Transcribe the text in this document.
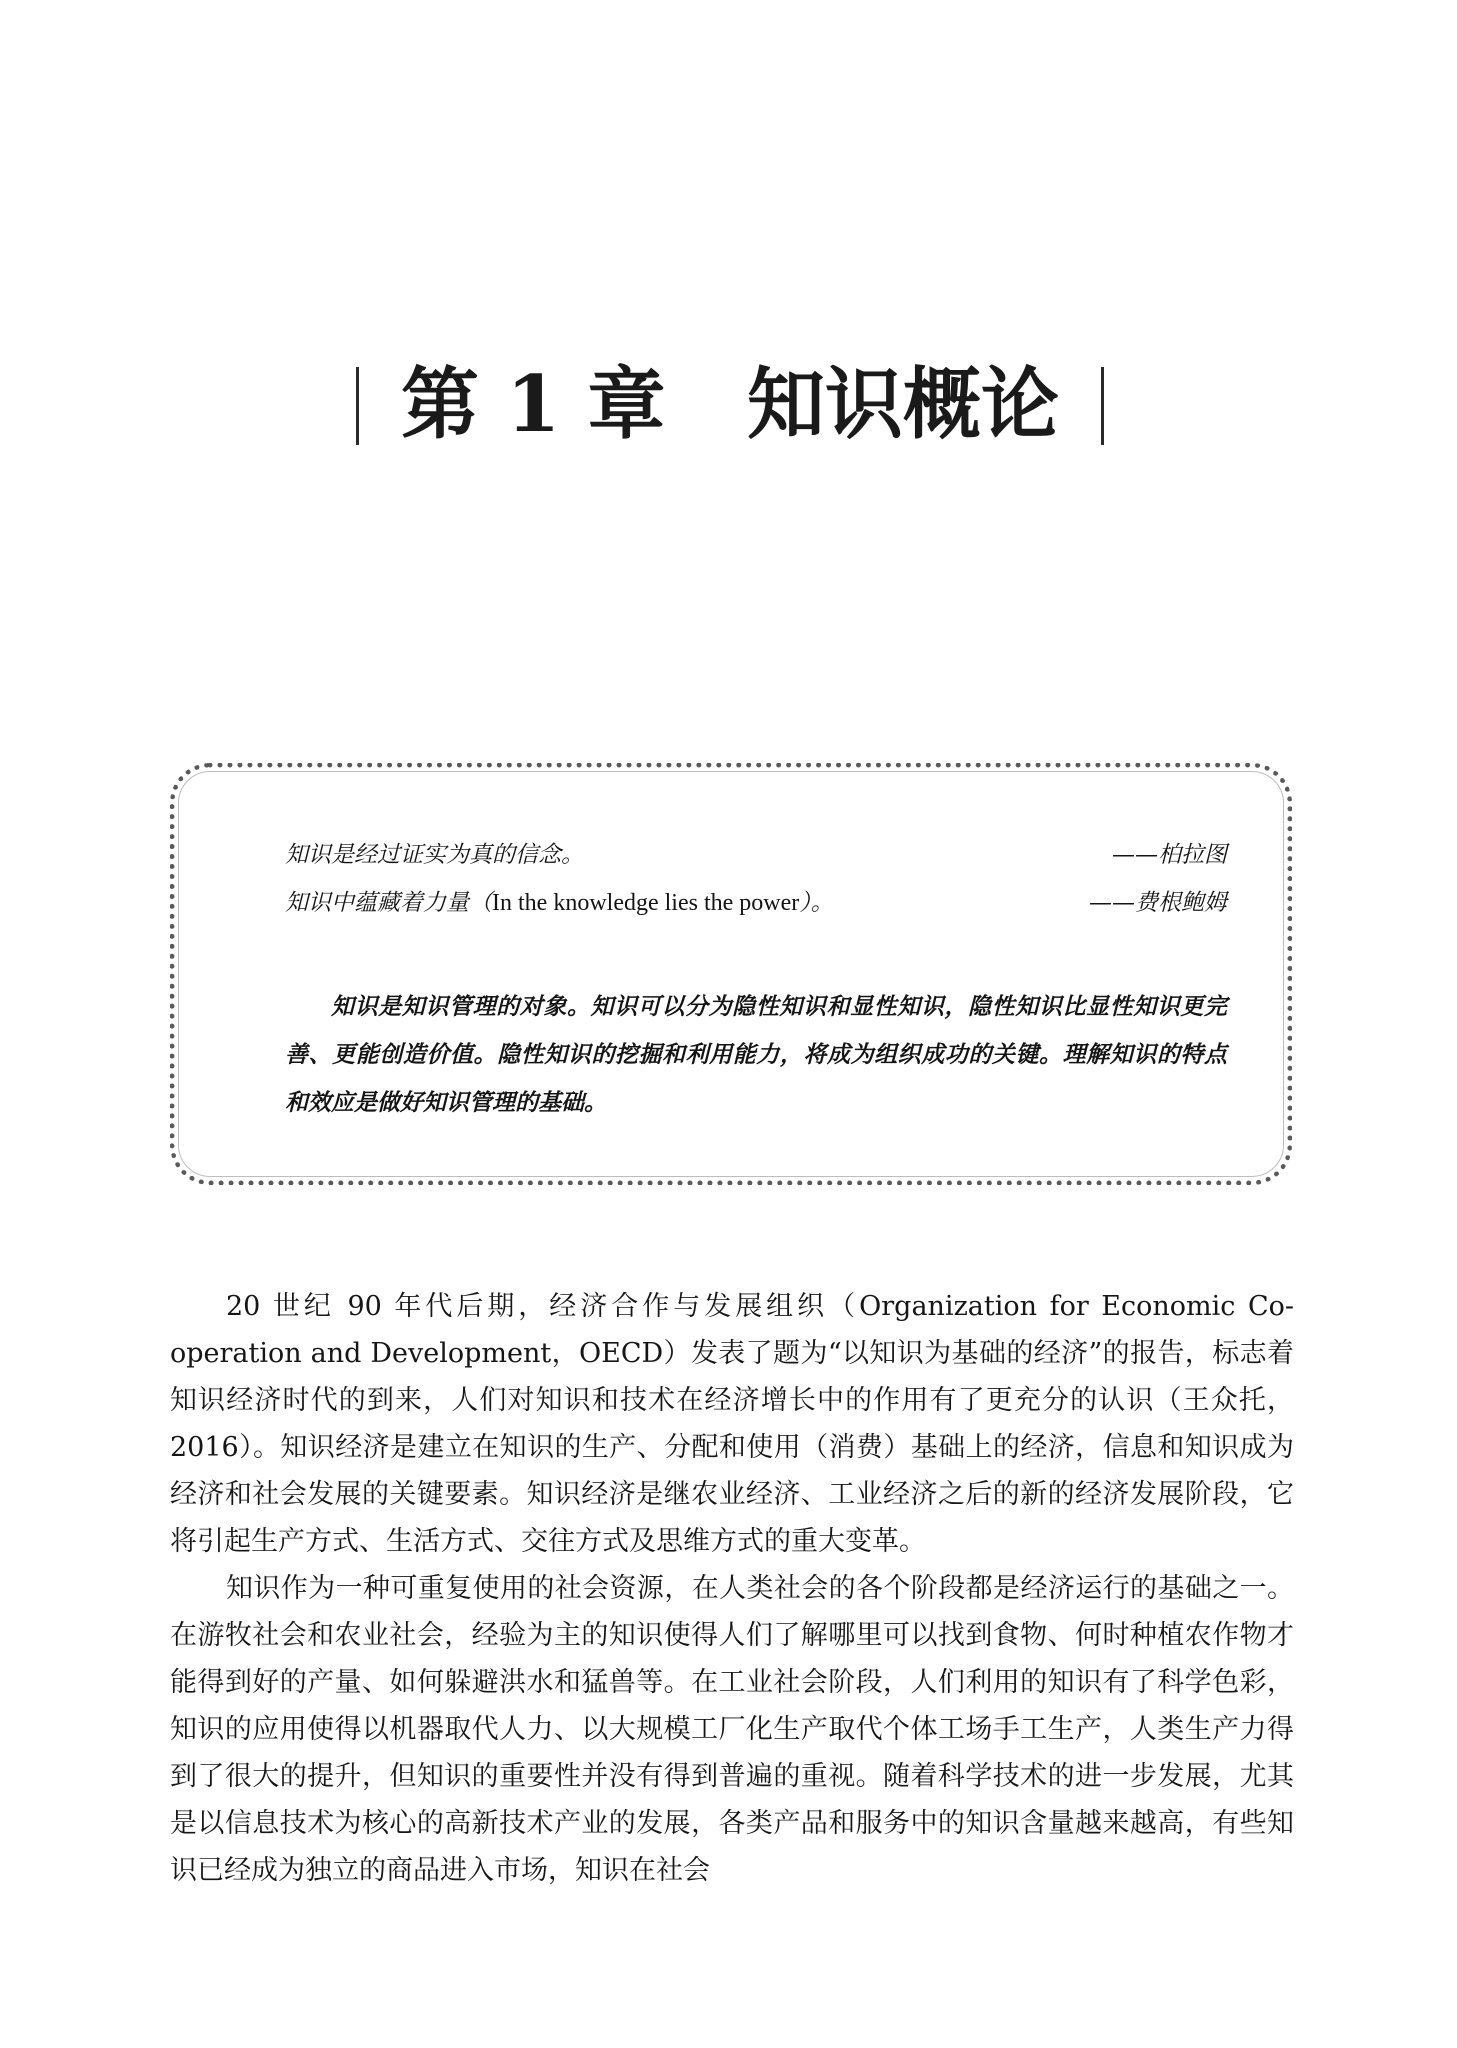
第 1 章   知识概论
知识是经过证实为真的信念。	——柏拉图
知识中蕴藏着力量（In the knowledge lies the power）。	——费根鲍姆

知识是知识管理的对象。知识可以分为隐性知识和显性知识，隐性知识比显性知识更完善、更能创造价值。隐性知识的挖掘和利用能力，将成为组织成功的关键。理解知识的特点和效应是做好知识管理的基础。

20 世纪 90 年代后期，经济合作与发展组织（Organization for Economic Co-operation and Development，OECD）发表了题为“以知识为基础的经济”的报告，标志着知识经济时代的到来，人们对知识和技术在经济增长中的作用有了更充分的认识（王众托，2016）。知识经济是建立在知识的生产、分配和使用（消费）基础上的经济，信息和知识成为经济和社会发展的关键要素。知识经济是继农业经济、工业经济之后的新的经济发展阶段，它将引起生产方式、生活方式、交往方式及思维方式的重大变革。

知识作为一种可重复使用的社会资源，在人类社会的各个阶段都是经济运行的基础之一。在游牧社会和农业社会，经验为主的知识使得人们了解哪里可以找到食物、何时种植农作物才能得到好的产量、如何躲避洪水和猛兽等。在工业社会阶段，人们利用的知识有了科学色彩，知识的应用使得以机器取代人力、以大规模工厂化生产取代个体工场手工生产，人类生产力得到了很大的提升，但知识的重要性并没有得到普遍的重视。随着科学技术的进一步发展，尤其是以信息技术为核心的高新技术产业的发展，各类产品和服务中的知识含量越来越高，有些知识已经成为独立的商品进入市场，知识在社会
